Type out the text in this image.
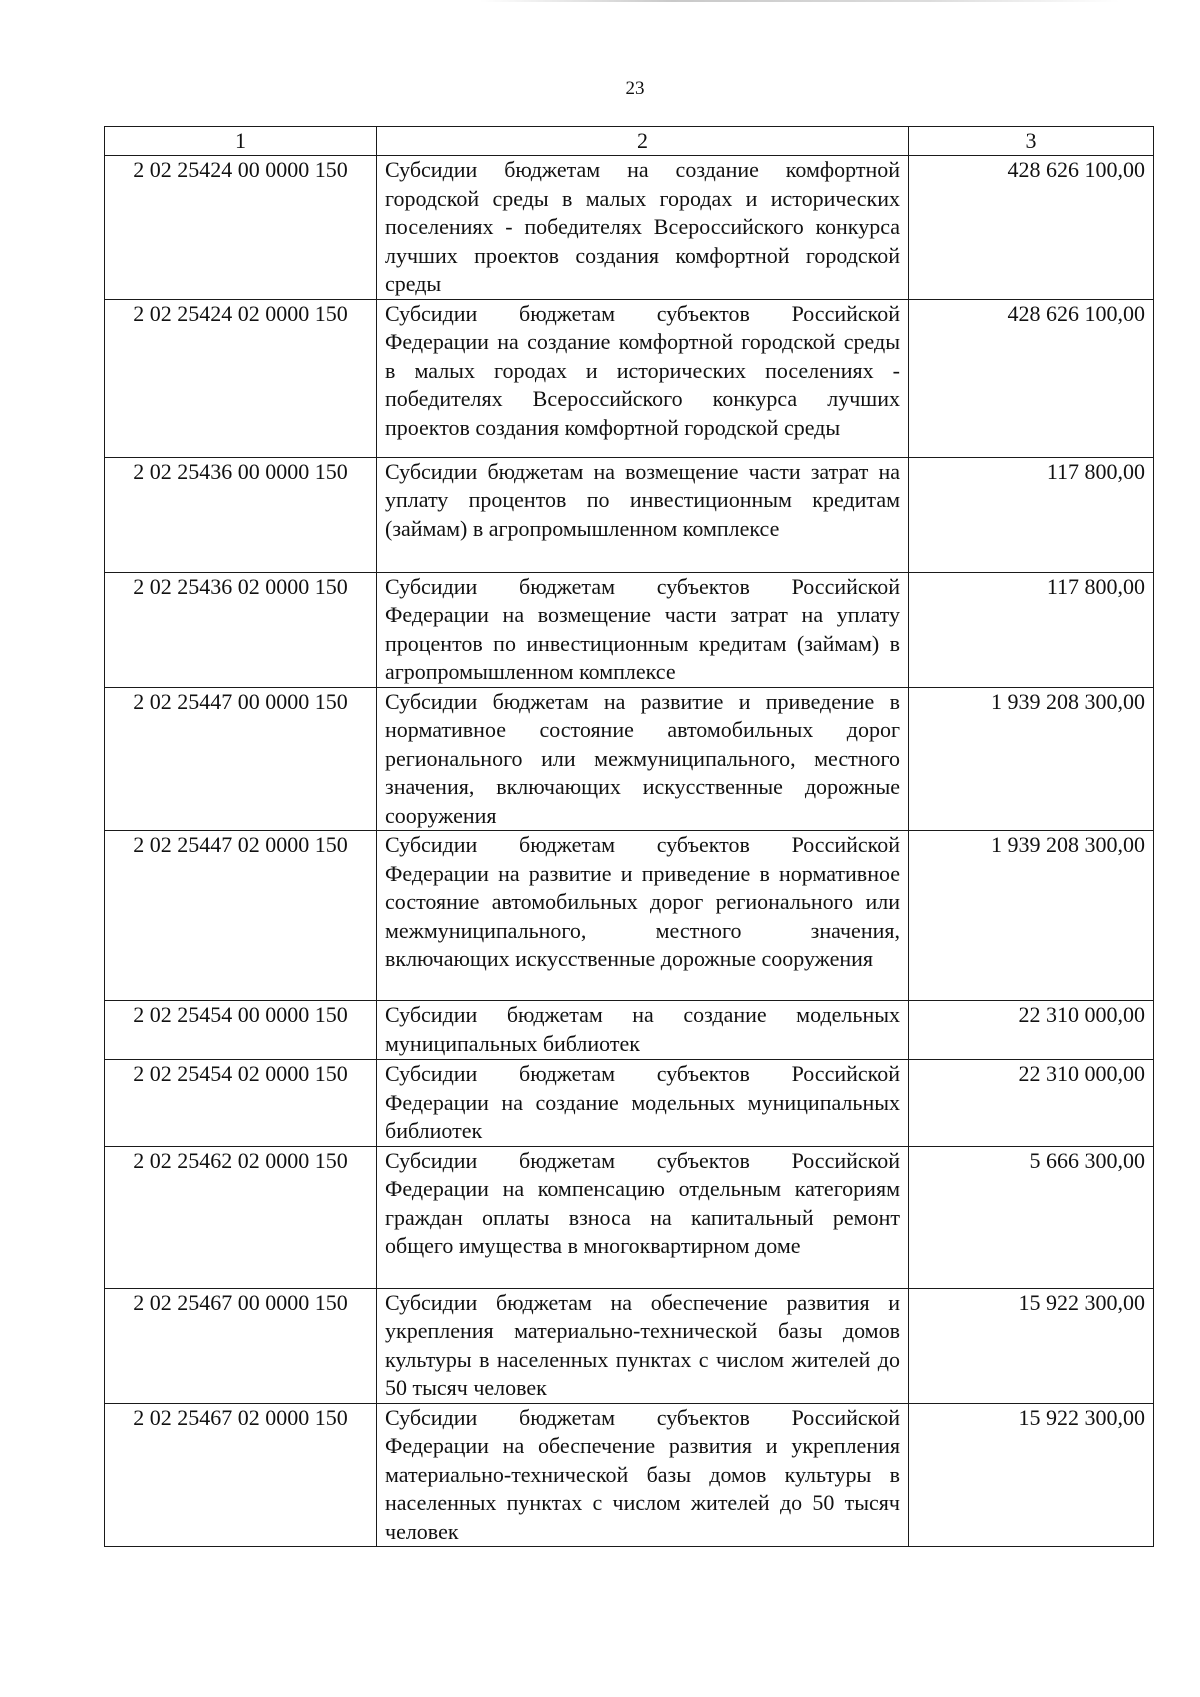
23
1	2	3
2 02 25424 00 0000 150	Субсидии бюджетам на создание комфортной городской среды в малых городах и исторических поселениях - победителях Всероссийского конкурса лучших проектов создания комфортной городской среды	428 626 100,00
2 02 25424 02 0000 150	Субсидии бюджетам субъектов Российской Федерации на создание комфортной городской среды в малых городах и исторических поселениях - победителях Всероссийского конкурса лучших проектов создания комфортной городской среды	428 626 100,00
2 02 25436 00 0000 150	Субсидии бюджетам на возмещение части затрат на уплату процентов по инвестиционным кредитам (займам) в агропромышленном комплексе	117 800,00
2 02 25436 02 0000 150	Субсидии бюджетам субъектов Российской Федерации на возмещение части затрат на уплату процентов по инвестиционным кредитам (займам) в агропромышленном комплексе	117 800,00
2 02 25447 00 0000 150	Субсидии бюджетам на развитие и приведение в нормативное состояние автомобильных дорог регионального или межмуниципального, местного значения, включающих искусственные дорожные сооружения	1 939 208 300,00
2 02 25447 02 0000 150	Субсидии бюджетам субъектов Российской Федерации на развитие и приведение в нормативное состояние автомобильных дорог регионального или межмуниципального, местного значения, включающих искусственные дорожные сооружения	1 939 208 300,00
2 02 25454 00 0000 150	Субсидии бюджетам на создание модельных муниципальных библиотек	22 310 000,00
2 02 25454 02 0000 150	Субсидии бюджетам субъектов Российской Федерации на создание модельных муниципальных библиотек	22 310 000,00
2 02 25462 02 0000 150	Субсидии бюджетам субъектов Российской Федерации на компенсацию отдельным категориям граждан оплаты взноса на капитальный ремонт общего имущества в многоквартирном доме	5 666 300,00
2 02 25467 00 0000 150	Субсидии бюджетам на обеспечение развития и укрепления материально-технической базы домов культуры в населенных пунктах с числом жителей до 50 тысяч человек	15 922 300,00
2 02 25467 02 0000 150	Субсидии бюджетам субъектов Российской Федерации на обеспечение развития и укрепления материально-технической базы домов культуры в населенных пунктах с числом жителей до 50 тысяч человек	15 922 300,00
